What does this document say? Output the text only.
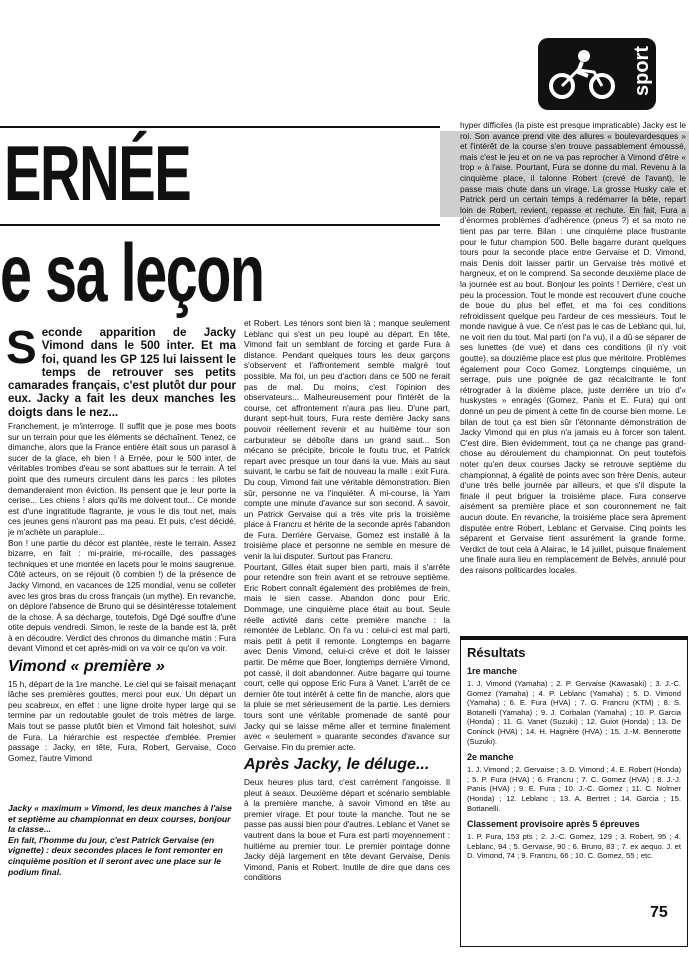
sport
ERNÉE
e sa leçon
Seconde apparition de Jacky Vimond dans le 500 inter. Et ma foi, quand les GP 125 lui laissent le temps de retrouver ses petits camarades français, c'est plutôt dur pour eux. Jacky a fait les deux manches les doigts dans le nez...

Franchement, je m'interroge. Il suffit que je pose mes boots sur un terrain pour que les éléments se déchaînent. Tenez, ce dimanche, alors que la France entière était sous un parasol à sucer de la glace, eh bien ! à Ernée, pour le 500 inter, de véritables trombes d'eau se sont abattues sur le terrain. À tel point que des rumeurs circulent dans les parcs : les pilotes demanderaient mon éviction. Ils pensent que je leur porte la cerise... Les chiens ! alors qu'ils me doivent tout... Ce monde est d'une ingratitude flagrante, je vous le dis tout net, mais ces jeunes gens n'auront pas ma peau. Et puis, c'est décidé, je m'achète un parapluie...

Bon ! une partie du décor est plantée, reste le terrain. Assez bizarre, en fait : mi-prairie, mi-rocaille, des passages techniques et une montée en lacets pour le moins saugrenue. Côté acteurs, on se réjouit (ô combien !) de la présence de Jacky Vimond, en vacances de 125 mondial, venu se colleter avec les gros bras du cross français (un mythe). En revanche, on déplore l'absence de Bruno qui se désintéresse totalement de la chose. À sa décharge, toutefois, Dgé Dgé souffre d'une otite depuis vendredi. Simon, le reste de la bande est là, prêt à en découdre. Verdict des chronos du dimanche matin : Fura devant Vimond et cet après-midi on va voir ce qu'on va voir.

Vimond « première »

15 h, départ de la 1re manche. Le ciel qui se faisait menaçant lâche ses premières gouttes, merci pour eux. Un départ un peu scabreux, en effet : une ligne droite hyper large qui se termine par un redoutable goulet de trois mètres de large. Mais tout se passe plutôt bien et Vimond fait holeshot, suivi de Fura. La hiérarchie est respectée d'emblée. Premier passage : Jacky, en tête, Fura, Robert, Gervaise, Coco Gomez, l'autre Vimond

Jacky « maximum » Vimond, les deux manches à l'aise et septième au championnat en deux courses, bonjour la classe...
En fait, l'homme du jour, c'est Patrick Gervaise (en vignette) : deux secondes places le font remonter en cinquième position et il seront avec une place sur le podium final.

et Robert. Les ténors sont bien là ; manque seulement Leblanc qui s'est un peu loupé au départ. En tête, Vimond fait un semblant de forcing et garde Fura à distance. Pendant quelques tours les deux garçons s'observent et l'affrontement semble malgré tout possible. Ma foi, un peu d'action dans ce 500 ne ferait pas de mal. Du moins, c'est l'opinion des observateurs... Malheureusement pour l'intérêt de la course, cet affrontement n'aura pas lieu. D'une part, durant sept-huit tours, Fura reste derrière Jacky sans pouvoir réellement revenir et au huitième tour son carburateur se déboîte dans un grand saut... Son mécano se précipite, bricole le foutu truc, et Patrick repart avec presque un tour dans la vue. Mais au saut suivant, le carbu se fait de nouveau la malle : exit Fura. Du coup, Vimond fait une véritable démonstration. Bien sûr, personne ne va l'inquiéter. À mi-course, la Yam compte une minute d'avance sur son second. À savoir, un Patrick Gervaise qui a très vite pris la troisième place à Francru et hérite de la seconde après l'abandon de Fura. Derrière Gervaise, Gomez est installé à la troisième place et personne ne semble en mesure de venir la lui disputer. Surtout pas Francru.

Pourtant, Gilles était super bien parti, mais il s'arrête pour retendre son frein avant et se retrouve septième. Eric Robert connaît également des problèmes de frein, mais le sien casse. Abandon donc pour Eric. Dommage, une cinquième place était au bout. Seule réelle activité dans cette première manche : la remontée de Leblanc. On l'a vu : celui-ci est mal parti, mais petit à petit il remonte. Longtemps en bagarre avec Denis Vimond, celui-ci crève et doit le laisser partir. De même que Boer, longtemps dernière Vimond, pot cassé, il doit abandonner. Autre bagarre qui tourne court, celle qui oppose Eric Fura à Vanet. L'arrêt de ce dernier ôte tout intérêt à cette fin de manche, alors que la pluie se met sérieusement de la partie. Les derniers tours sont une véritable promenade de santé pour Jacky qui se laisse même aller et termine finalement avec « seulement » quarante secondes d'avance sur Gervaise. Fin du premier acte.

Après Jacky, le déluge...

Deux heures plus tard, c'est carrément l'angoisse. Il pleut à seaux. Deuxième départ et scénario semblable à la première manche, à savoir Vimond en tête au premier virage. Et pour toute la manche. Tout ne se passe pas aussi bien pour d'autres. Leblanc et Vanet se vautrent dans la boue et Fura est parti moyennement : huitième au premier tour. Le premier pointage donne Jacky déjà largement en tête devant Gervaise, Denis Vimond, Panis et Robert. Inutile de dire que dans ces conditions

hyper difficiles (la piste est presque impraticable) Jacky est le roi. Son avance prend vite des allures « boulevardesques » et l'intérêt de la course s'en trouve passablement émoussé, mais c'est le jeu et on ne va pas reprocher à Vimond d'être « trop » à l'aise. Pourtant, Fura se donne du mal. Revenu à la cinquième place, il talonne Robert (crevé de l'avant), le passe mais chute dans un virage. La grosse Husky cale et Patrick perd un certain temps à redémarrer la bête, repart loin de Robert, revient, repasse et rechute. En fait, Fura a d'énormes problèmes d'adhérence (pneus ?) et sa moto ne tient pas par terre. Bilan : une cinquième place frustrante pour le futur champion 500. Belle bagarre durant quelques tours pour la seconde place entre Gervaise et D. Vimond, mais Denis doit laisser partir un Gervaise très motivé et hargneux, et on le comprend. Sa seconde deuxième place de la journée est au bout. Bonjour les points ! Derrière, c'est un peu la procession. Tout le monde est recouvert d'une couche de boue du plus bel effet, et ma foi ces conditions refroidissent quelque peu l'ardeur de ces messieurs. Tout le monde navigue à vue. Ce n'est pas le cas de Leblanc qui, lui, ne voit rien du tout. Mal parti (on l'a vu), il a dû se séparer de ses lunettes (de vue) et dans ces conditions (il n'y voit goutte), sa douzième place est plus que méritoire. Problèmes également pour Coco Gomez. Longtemps cinquième, un serrage, puis une poignée de gaz récalcitrante le font rétrograder à la dixième place, juste derrière un trio d'« huskystes » enragés (Gomez, Panis et E. Fura) qui ont donné un peu de piment à cette fin de course bien morne. Le bilan de tout ça est bien sûr l'étonnante démonstration de Jacky Vimond qui en plus n'a jamais eu à forcer son talent. C'est dire. Bien évidemment, tout ça ne change pas grand-chose au déroulement du championnat. On peut toutefois noter qu'en deux courses Jacky se retrouve septième du championnat, à égalité de points avec son frère Denis, auteur d'une très belle journée par ailleurs, et que s'il dispute la finale il peut briguer la troisième place. Fura conserve aisément sa première place et son couronnement ne fait aucun doute. En revanche, la troisième place sera âprement disputée entre Robert, Leblanc et Gervaise. Cinq points les séparent et Gervaise tient assurément la grande forme. Verdict de tout cela à Alairac, le 14 juillet, puisque finalement une finale aura lieu en remplacement de Belvès, annulé pour des raisons politicardes locales.

Résultats
1re manche
1. J. Vimond (Yamaha) ; 2. P. Gervaise (Kawasaki) ; 3. J.-C. Gomez (Yamaha) ; 4. P. Leblanc (Yamaha) ; 5. D. Vimond (Yamaha) ; 6. E. Fura (HVA) ; 7. G. Francru (KTM) ; 8. S. Botanelli (Yamaha) ; 9. J. Corbalan (Yamaha) ; 10. P. Garcia (Honda) ; 11. G. Vanet (Suzuki) ; 12. Guiot (Honda) ; 13. De Coninck (HVA) ; 14. H. Hagnère (HVA) ; 15. J.-M. Bennerotte (Suzuki).
2e manche
1. J. Vimond ; 2. Gervaise ; 3. D. Vimond ; 4. E. Robert (Honda) ; 5. P. Fura (HVA) ; 6. Francru ; 7. C. Gomez (HVA) ; 8. J.-J. Panis (HVA) ; 9. E. Fura ; 10. J.-C. Gomez ; 11. C. Nolmer (Honda) ; 12. Leblanc ; 13. A. Bertret ; 14. Garcia ; 15. Bottanelli.
Classement provisoire après 5 épreuves
1. P. Fura, 153 pts ; 2. J.-C. Gomez, 129 ; 3. Robert, 95 ; 4. Leblanc, 94 ; 5. Gervaise, 90 ; 6. Bruno, 83 ; 7. ex aequo. J. et D. Vimond, 74 ; 9. Francru, 66 ; 10. C. Gomez, 55 ; etc.
75
